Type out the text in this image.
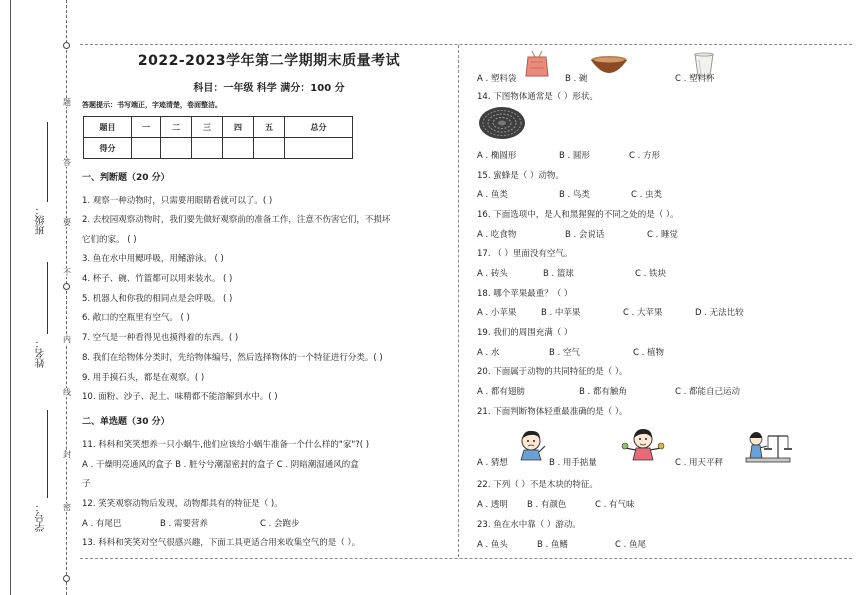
题
答
要
不
内
线
封
密
班级：
姓名：
学号：
2022-2023学年第二学期期末质量考试
科目：一年级 科学 满分：100 分
答题提示：书写端正，字迹清楚，卷面整洁。
题目	一	二	三	四	五	总分
得分						
一、判断题（20 分）
1. 观察一种动物时，只需要用眼睛看就可以了。( )
2. 去校园观察动物时，我们要先做好观察前的准备工作，注意不伤害它们，不损坏
它们的家。 ( )
3. 鱼在水中用鳃呼吸，用鳍游泳。 ( )
4. 杯子、碗、竹篮都可以用来装水。 ( )
5. 机器人和你我的相同点是会呼吸。 ( )
6. 敞口的空瓶里有空气。 ( )
7. 空气是一种看得见也摸得着的东西。( )
8. 我们在给物体分类时，先给物体编号，然后选择物体的一个特征进行分类。( )
9. 用手摸石头，都是在观察。( )
10. 面粉、沙子、泥土、味精都不能溶解到水中。( )
二、单选题（30 分）
11. 科科和笑笑想养一只小蜗牛,他们应该给小蜗牛准备一个什么样的"家"?( )
A . 干燥明亮通风的盒子 B . 脏兮兮潮湿密封的盒子 C . 阴暗潮湿通风的盒
子
12. 笑笑观察动物后发现，动物都具有的特征是（ )。
A . 有尾巴	B . 需要营养	C . 会跑步
13. 科科和笑笑对空气很感兴趣，下面工具更适合用来收集空气的是（ ）。
A . 塑料袋	B . 碗	C . 塑料杯
14. 下图物体通常是（ ）形状。
A . 椭圆形	B . 圆形	C . 方形
15. 蜜蜂是（ ）动物。
A . 鱼类	B . 鸟类	C . 虫类
16. 下面选项中，是人和黑猩猩的不同之处的是（ ）。
A . 吃食物	B . 会说话	C . 睡觉
17. （ ）里面没有空气。
A . 砖头	B . 篮球	C . 铁块
18. 哪个苹果最重？（ ）
A . 小苹果	B . 中苹果	C . 大苹果	D . 无法比较
19. 我们的周围充满（ ）
A . 水	B . 空气	C . 植物
20. 下面属于动物的共同特征的是（ ）。
A . 都有翅膀	B . 都有触角	C . 都能自己运动
21. 下面判断物体轻重最准确的是（ ）。
A . 猜想	B . 用手掂量	C . 用天平秤
22. 下列（ ）不是木块的特征。
A . 透明 B . 有颜色	C . 有气味
23. 鱼在水中靠（ ）游动。
A . 鱼头	B . 鱼鳍	C . 鱼尾
